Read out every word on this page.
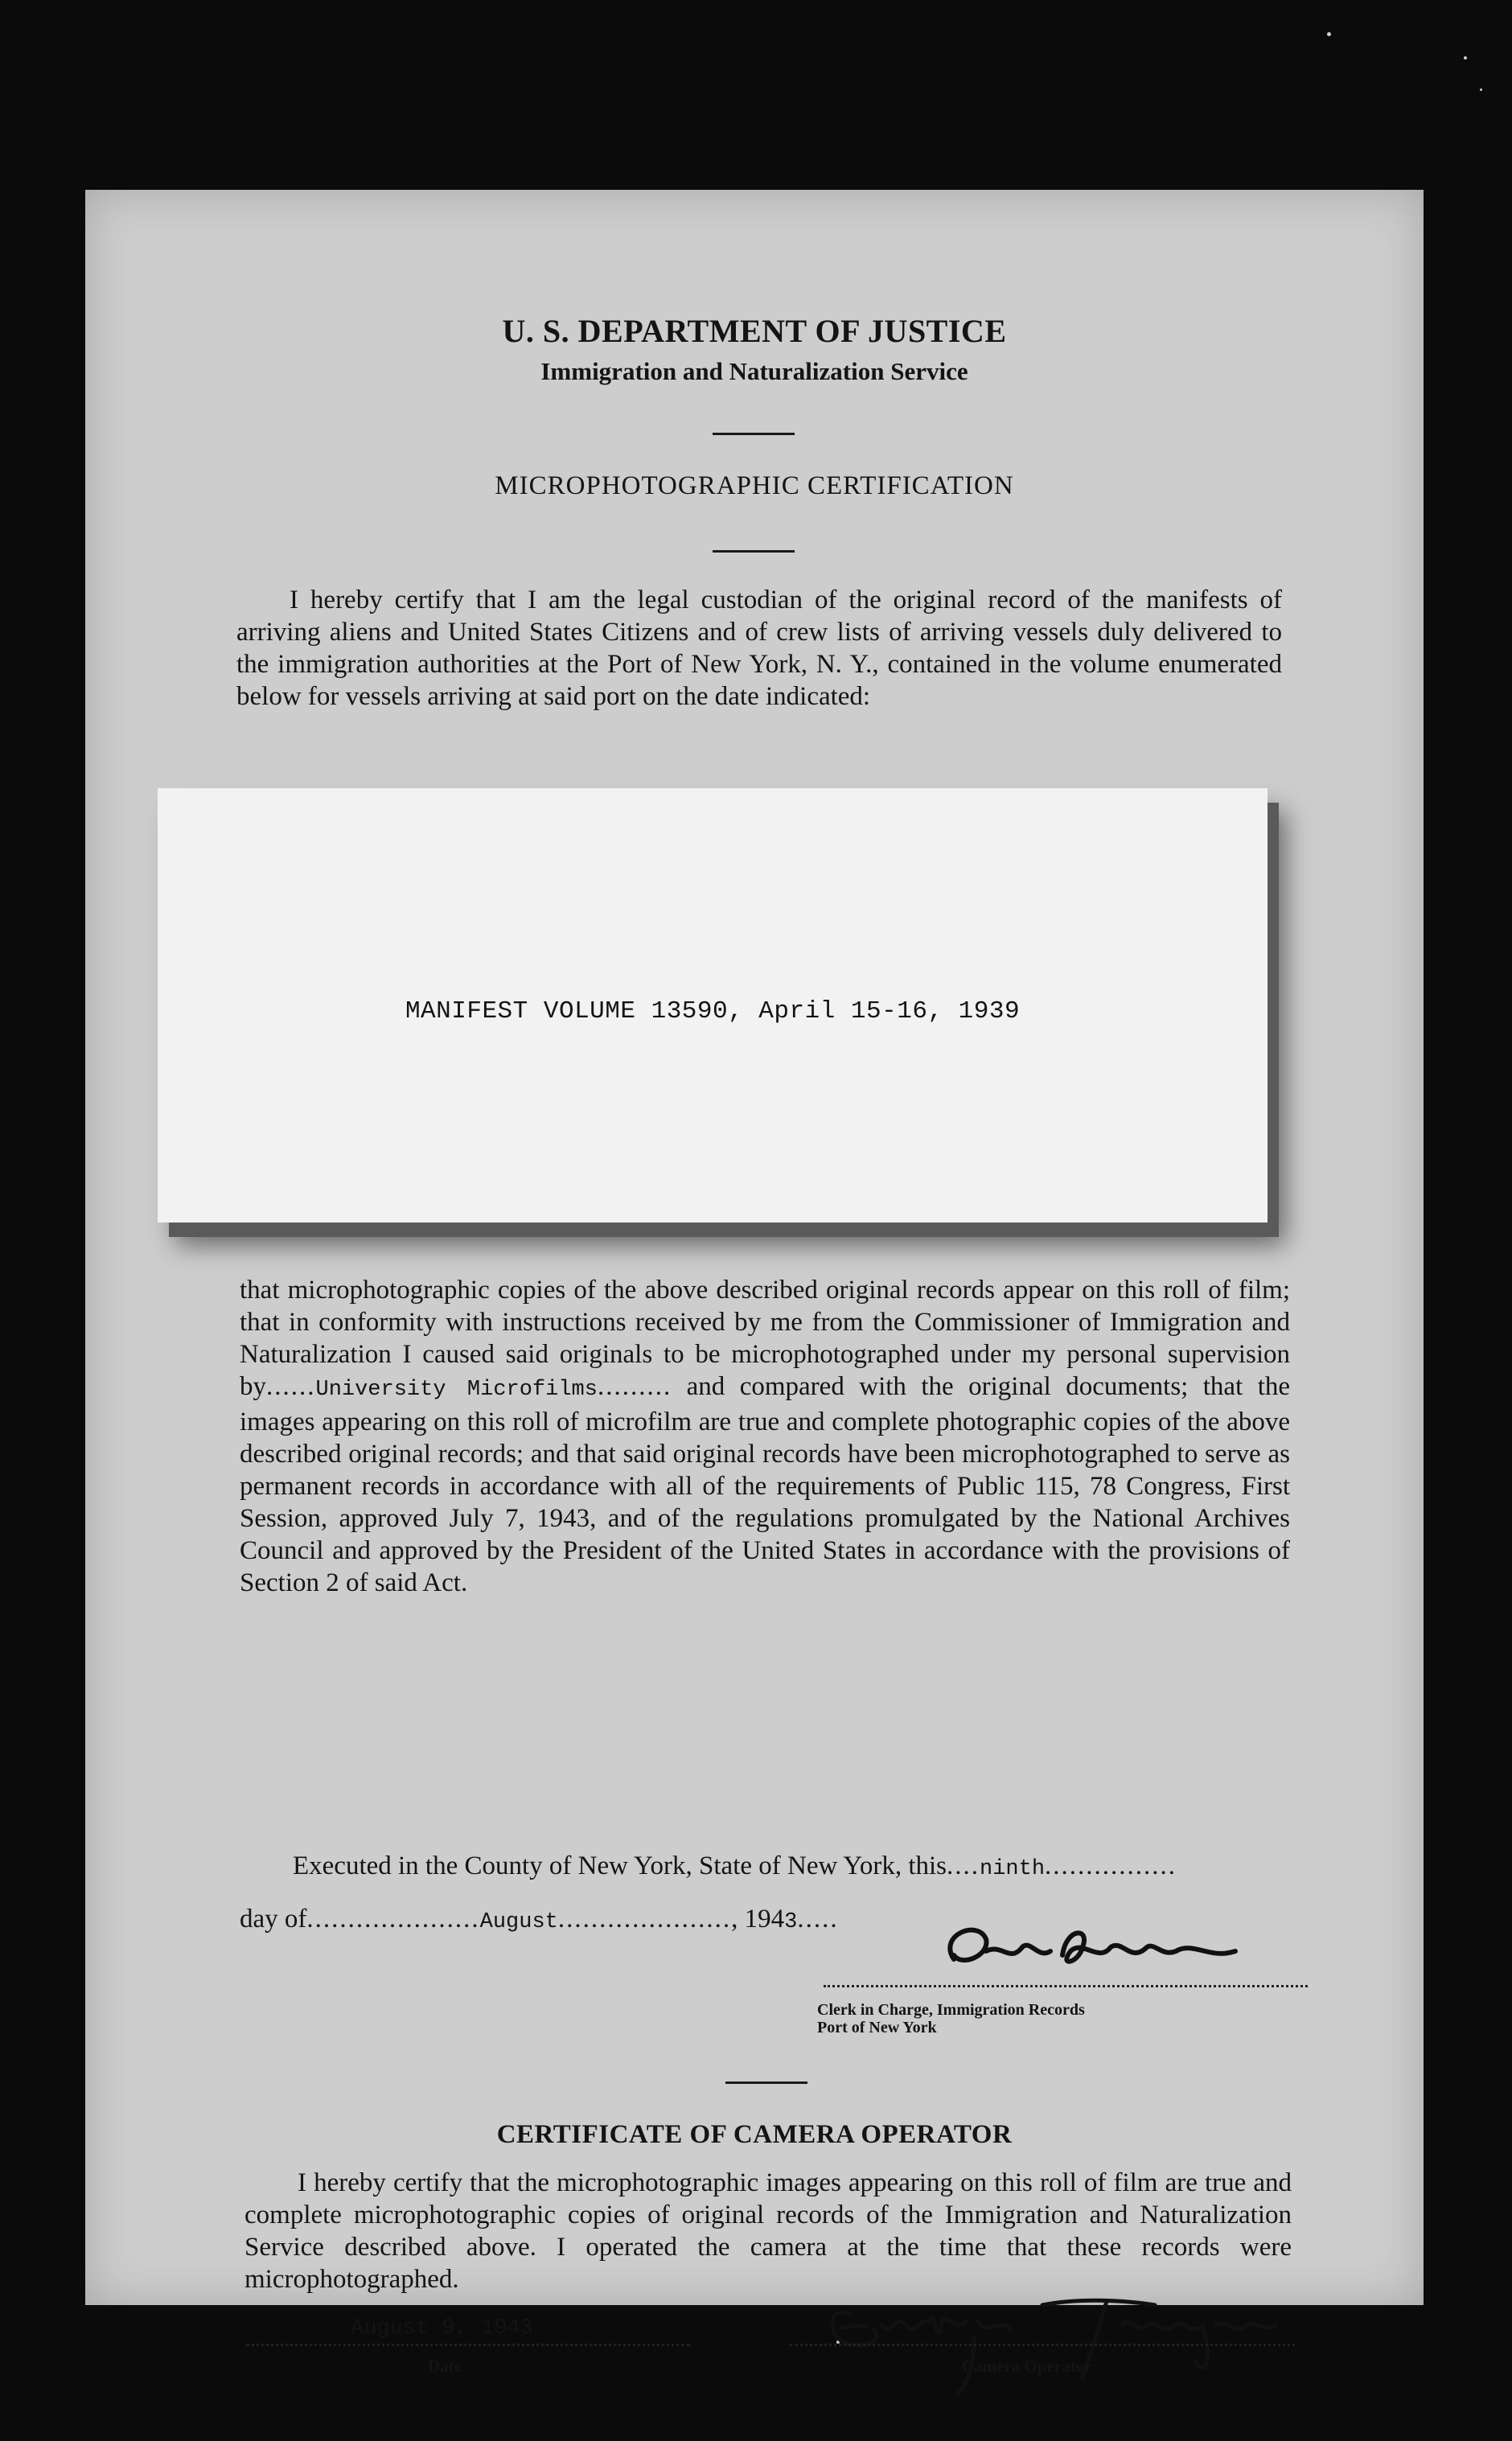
U. S. DEPARTMENT OF JUSTICE
Immigration and Naturalization Service
MICROPHOTOGRAPHIC CERTIFICATION

I hereby certify that I am the legal custodian of the original record of the manifests of arriving aliens and United States Citizens and of crew lists of arriving vessels duly delivered to the immigration authorities at the Port of New York, N. Y., contained in the volume enumerated below for vessels arriving at said port on the date indicated:

MANIFEST VOLUME 13590, April 15-16, 1939

that microphotographic copies of the above described original records appear on this roll of film; that in conformity with instructions received by me from the Commissioner of Immigration and Naturalization I caused said originals to be microphotographed under my personal supervision by......University Microfilms......... and compared with the original documents; that the images appearing on this roll of microfilm are true and complete photographic copies of the above described original records; and that said original records have been microphotographed to serve as permanent records in accordance with all of the requirements of Public 115, 78 Congress, First Session, approved July 7, 1943, and of the regulations promulgated by the National Archives Council and approved by the President of the United States in accordance with the provisions of Section 2 of said Act.

Executed in the County of New York, State of New York, this....ninth................

day of.....................August....................., 1943.....

Clerk in Charge, Immigration Records
Port of New York
CERTIFICATE OF CAMERA OPERATOR

I hereby certify that the microphotographic images appearing on this roll of film are true and complete microphotographic copies of original records of the Immigration and Naturalization Service described above. I operated the camera at the time that these records were microphotographed.

August 9, 1943
Date	Camera Operator
